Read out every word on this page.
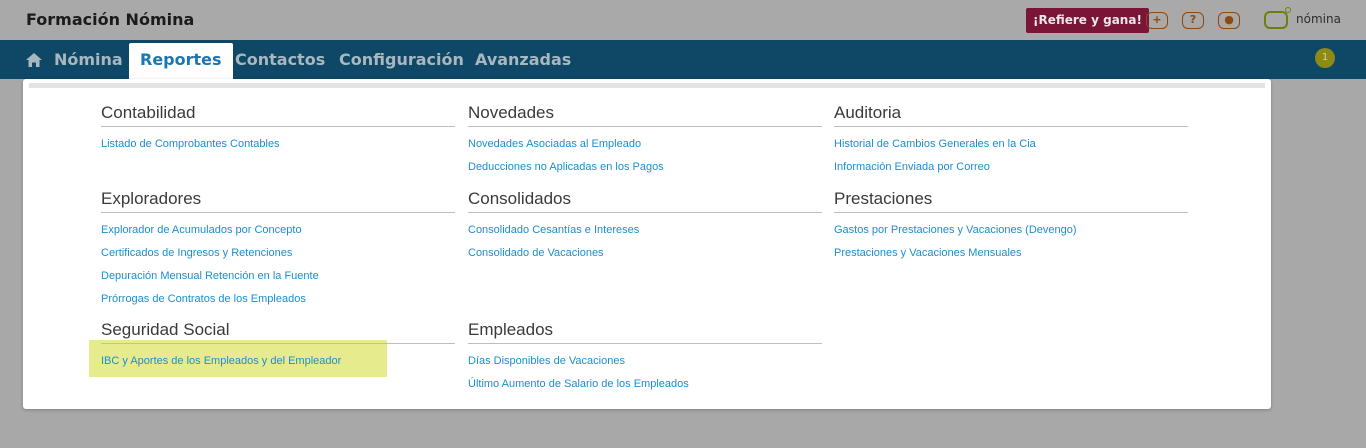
Formación Nómina	¡Refiere y gana! +	?	●	nómina
Nómina	Reportes Contactos Configuración Avanzadas	1
Contabilidad
Listado de Comprobantes Contables
Exploradores
Explorador de Acumulados por Concepto
Certificados de Ingresos y Retenciones
Depuración Mensual Retención en la Fuente
Prórrogas de Contratos de los Empleados
Seguridad Social
IBC y Aportes de los Empleados y del Empleador
Novedades
Novedades Asociadas al Empleado
Deducciones no Aplicadas en los Pagos
Consolidados
Consolidado Cesantías e Intereses
Consolidado de Vacaciones
Empleados
Días Disponibles de Vacaciones
Último Aumento de Salario de los Empleados
Auditoria
Historial de Cambios Generales en la Cia
Información Enviada por Correo
Prestaciones
Gastos por Prestaciones y Vacaciones (Devengo)
Prestaciones y Vacaciones Mensuales
